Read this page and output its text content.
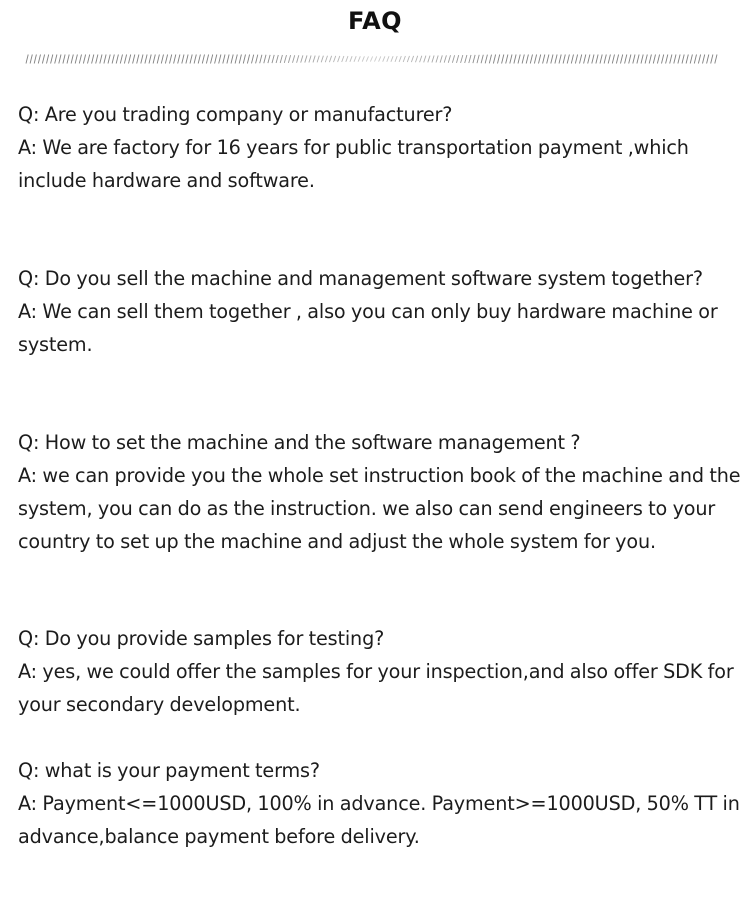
FAQ

Q: Are you trading company or manufacturer?

A: We are factory for 16 years for public transportation payment ,which include hardware and software.

Q: Do you sell the machine and management software system together?

A: We can sell them together , also you can only buy hardware machine or system.

Q: How to set the machine and the software management ?

A: we can provide you the whole set instruction book of the machine and the system, you can do as the instruction. we also can send engineers to your country to set up the machine and adjust the whole system for you.

Q: Do you provide samples for testing?

A: yes, we could offer the samples for your inspection,and also offer SDK for your secondary development.

Q: what is your payment terms?

A: Payment<=1000USD, 100% in advance. Payment>=1000USD, 50% TT in advance,balance payment before delivery.
